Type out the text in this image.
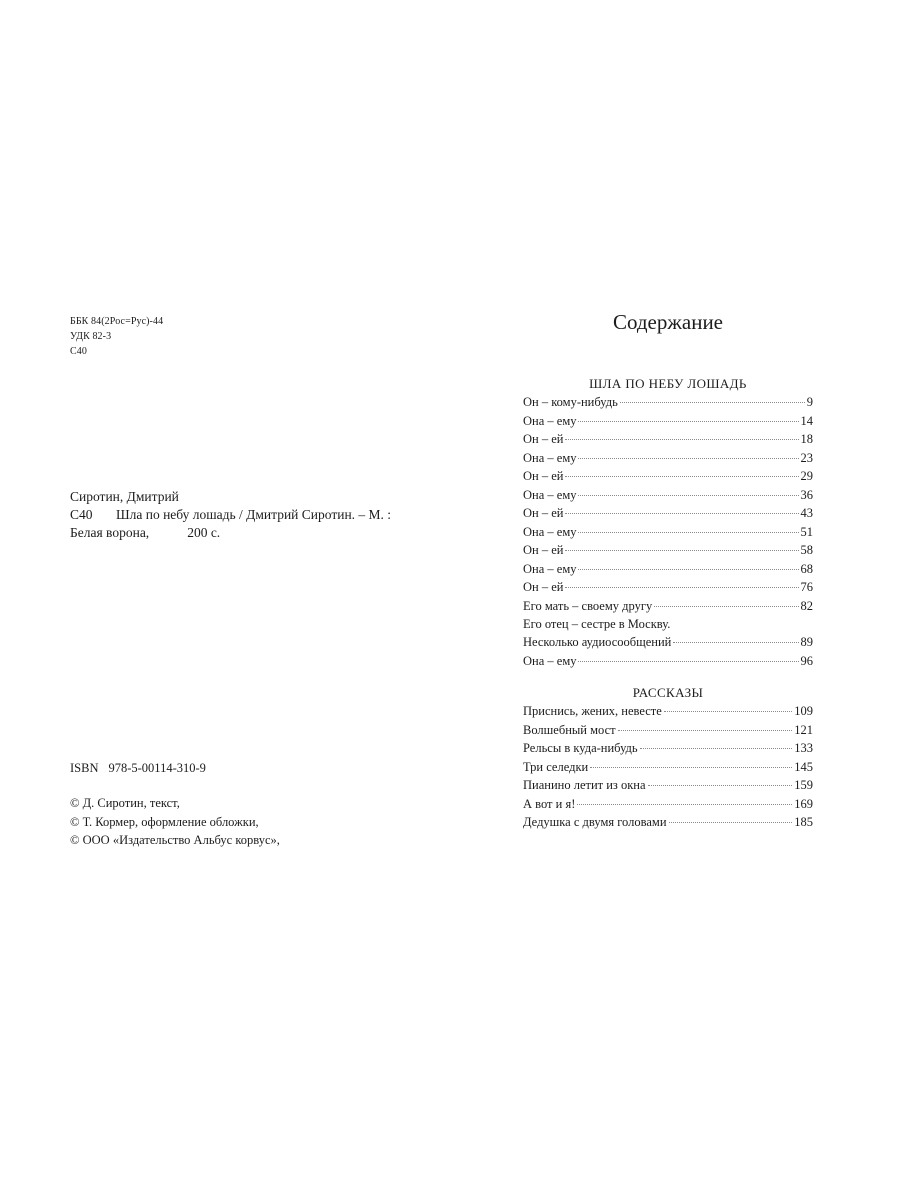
ББК 84(2Рос=Рус)-44
УДК 82-3
С40
Сиротин, Дмитрий
С40 Шла по небу лошадь / Дмитрий Сиротин. – М. :
Белая ворона,	200 с.
ISBN 978-5-00114-310-9
© Д. Сиротин, текст,
© Т. Кормер, оформление обложки,
© ООО «Издательство Альбус корвус»,
Содержание
ШЛА ПО НЕБУ ЛОШАДЬ
Он – кому-нибудь	9
Она – ему	14
Он – ей	18
Она – ему	23
Он – ей	29
Она – ему	36
Он – ей	43
Она – ему	51
Он – ей	58
Она – ему	68
Он – ей	76
Его мать – своему другу	82
Его отец – сестре в Москву.
Несколько аудиосообщений	89
Она – ему	96
РАССКАЗЫ
Приснись, жених, невесте	109
Волшебный мост	121
Рельсы в куда-нибудь	133
Три селедки	145
Пианино летит из окна	159
А вот и я!	169
Дедушка с двумя головами	185
